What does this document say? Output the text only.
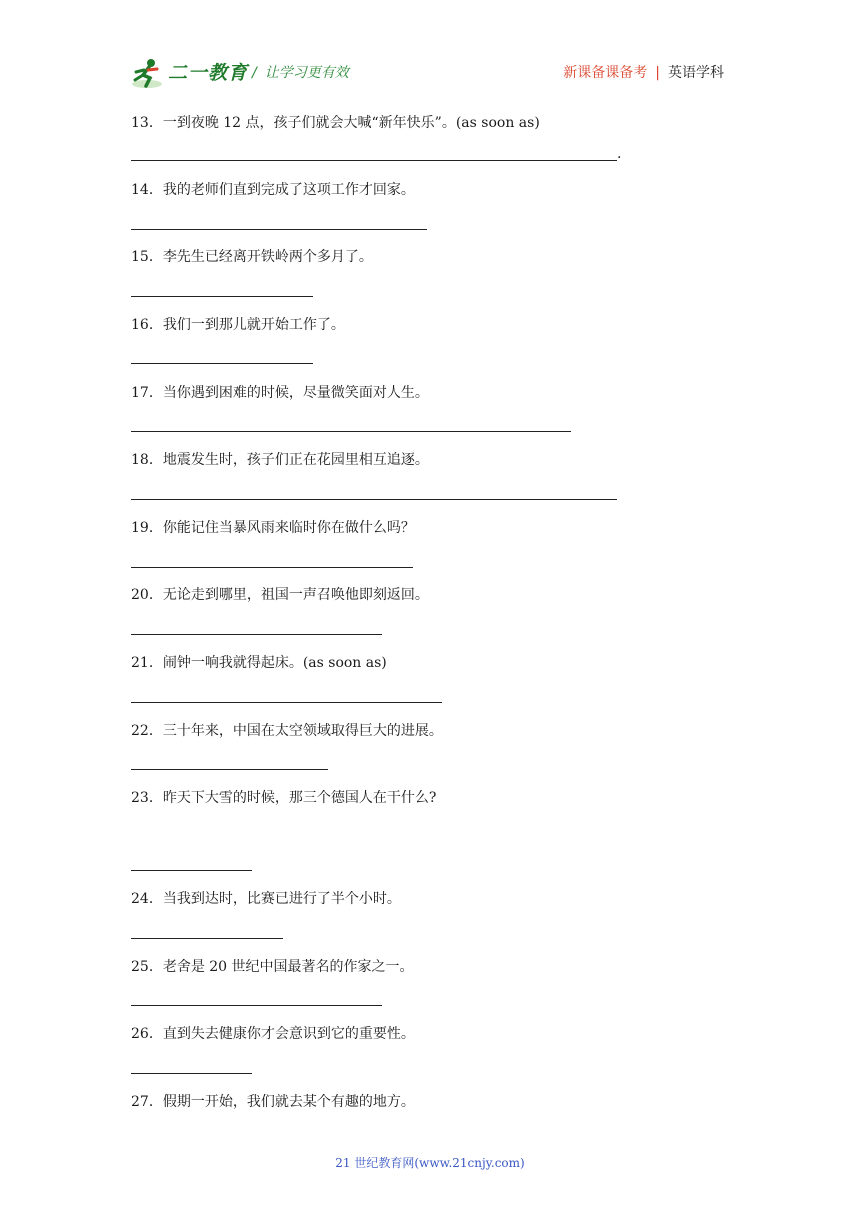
二一教育 / 让学习更有效	新课备课备考 | 英语学科
13．一到夜晚 12 点，孩子们就会大喊“新年快乐”。(as soon as)
.
14．我的老师们直到完成了这项工作才回家。
15．李先生已经离开铁岭两个多月了。
16．我们一到那儿就开始工作了。
17．当你遇到困难的时候，尽量微笑面对人生。
18．地震发生时，孩子们正在花园里相互追逐。
19．你能记住当暴风雨来临时你在做什么吗？
20．无论走到哪里，祖国一声召唤他即刻返回。
21．闹钟一响我就得起床。(as soon as)
22．三十年来，中国在太空领域取得巨大的进展。
23．昨天下大雪的时候，那三个德国人在干什么?
24．当我到达时，比赛已进行了半个小时。
25．老舍是 20 世纪中国最著名的作家之一。
26．直到失去健康你才会意识到它的重要性。
27．假期一开始，我们就去某个有趣的地方。
21 世纪教育网(www.21cnjy.com)
